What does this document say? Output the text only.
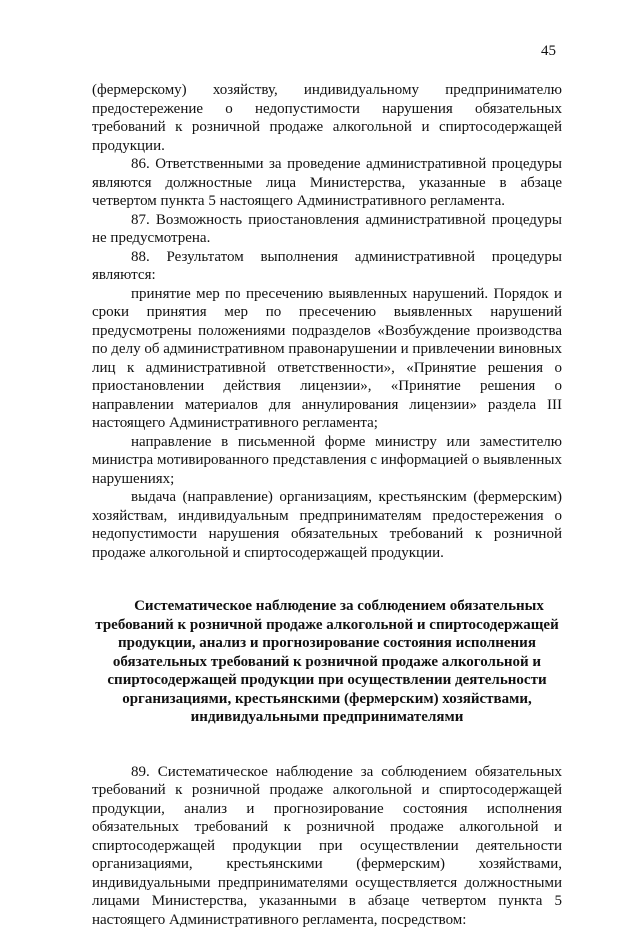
45

(фермерскому) хозяйству, индивидуальному предпринимателю предостережение о недопустимости нарушения обязательных требований к розничной продаже алкогольной и спиртосодержащей продукции.

86. Ответственными за проведение административной процедуры являются должностные лица Министерства, указанные в абзаце четвертом пункта 5 настоящего Административного регламента.

87. Возможность приостановления административной процедуры не предусмотрена.

88. Результатом выполнения административной процедуры являются:

принятие мер по пресечению выявленных нарушений. Порядок и сроки принятия мер по пресечению выявленных нарушений предусмотрены положениями подразделов «Возбуждение производства по делу об административном правонарушении и привлечении виновных лиц к административной ответственности», «Принятие решения о приостановлении действия лицензии», «Принятие решения о направлении материалов для аннулирования лицензии» раздела III настоящего Административного регламента;

направление в письменной форме министру или заместителю министра мотивированного представления с информацией о выявленных нарушениях;

выдача (направление) организациям, крестьянским (фермерским) хозяйствам, индивидуальным предпринимателям предостережения о недопустимости нарушения обязательных требований к розничной продаже алкогольной и спиртосодержащей продукции.

Систематическое наблюдение за соблюдением обязательных
требований к розничной продаже алкогольной и спиртосодержащей
продукции, анализ и прогнозирование состояния исполнения
обязательных требований к розничной продаже алкогольной и
спиртосодержащей продукции при осуществлении деятельности
организациями, крестьянскими (фермерским) хозяйствами,
индивидуальными предпринимателями

89. Систематическое наблюдение за соблюдением обязательных требований к розничной продаже алкогольной и спиртосодержащей продукции, анализ и прогнозирование состояния исполнения обязательных требований к розничной продаже алкогольной и спиртосодержащей продукции при осуществлении деятельности организациями, крестьянскими (фермерским) хозяйствами, индивидуальными предпринимателями осуществляется должностными лицами Министерства, указанными в абзаце четвертом пункта 5 настоящего Административного регламента, посредством:
